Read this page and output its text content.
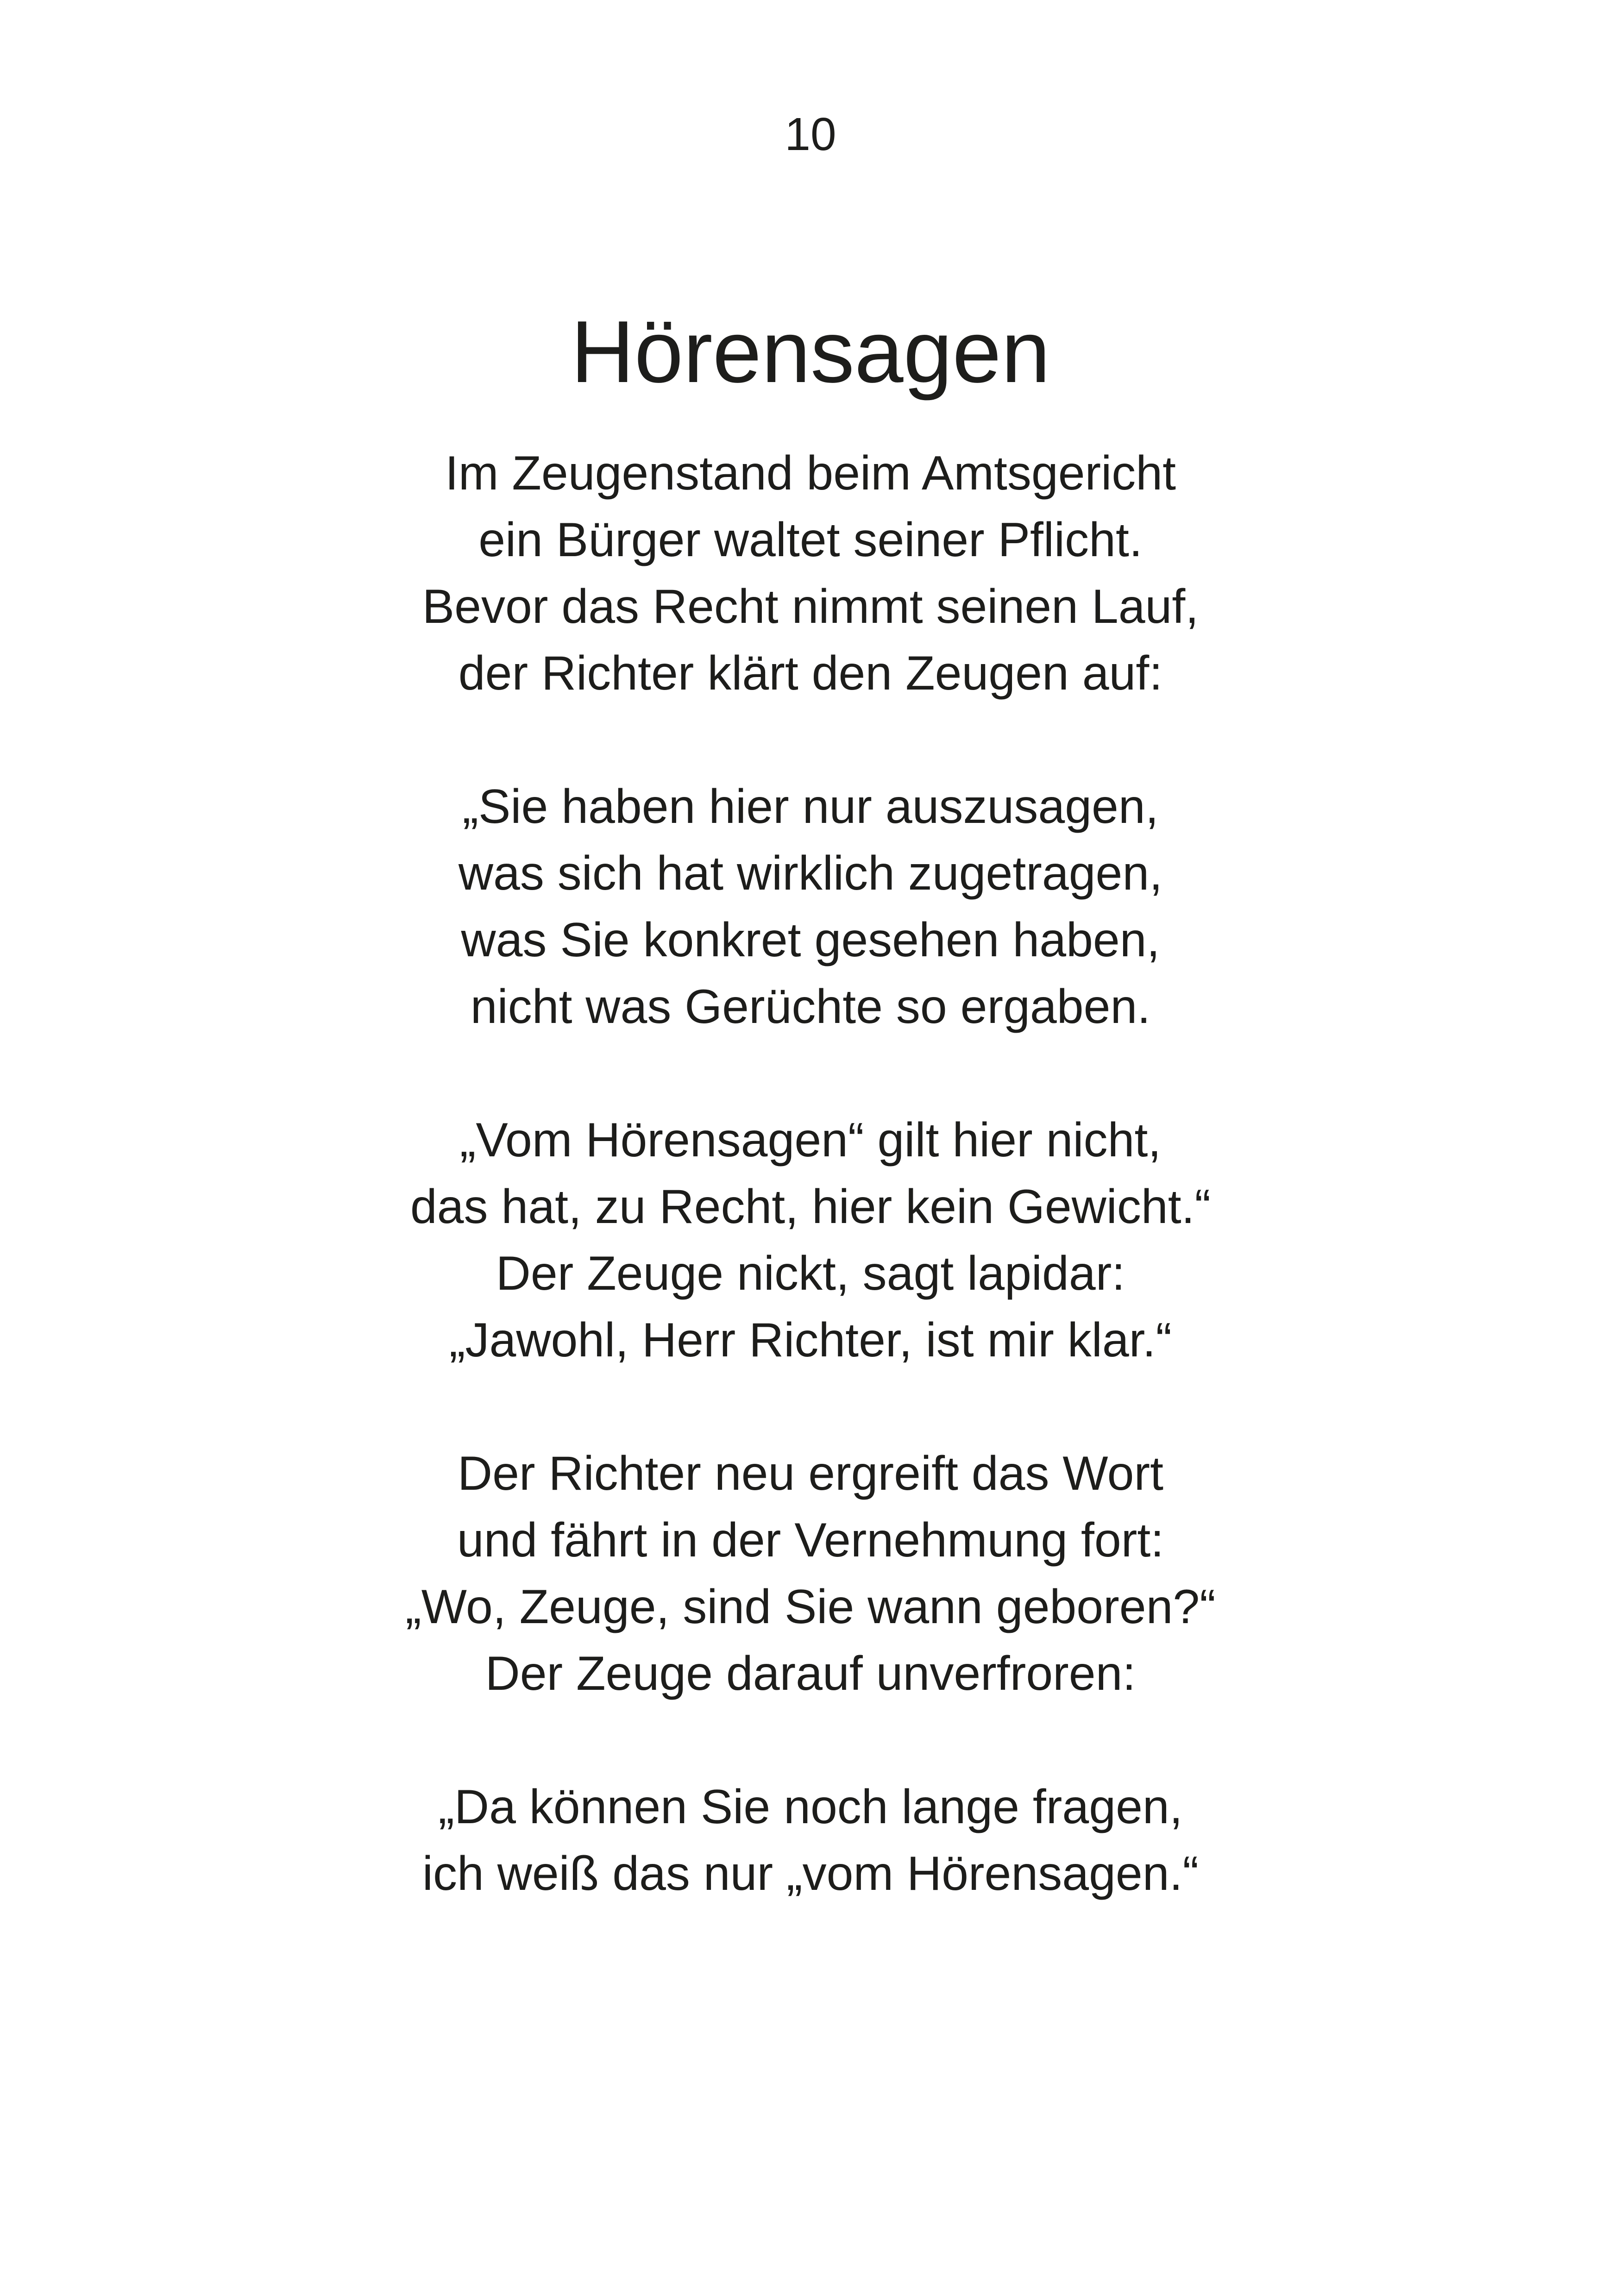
10
Hörensagen
Im Zeugenstand beim Amtsgericht
ein Bürger waltet seiner Pflicht.
Bevor das Recht nimmt seinen Lauf,
der Richter klärt den Zeugen auf:
„Sie haben hier nur auszusagen,
was sich hat wirklich zugetragen,
was Sie konkret gesehen haben,
nicht was Gerüchte so ergaben.
„Vom Hörensagen“ gilt hier nicht,
das hat, zu Recht, hier kein Gewicht.“
Der Zeuge nickt, sagt lapidar:
„Jawohl, Herr Richter, ist mir klar.“
Der Richter neu ergreift das Wort
und fährt in der Vernehmung fort:
„Wo, Zeuge, sind Sie wann geboren?“
Der Zeuge darauf unverfroren:
„Da können Sie noch lange fragen,
ich weiß das nur „vom Hörensagen.“
